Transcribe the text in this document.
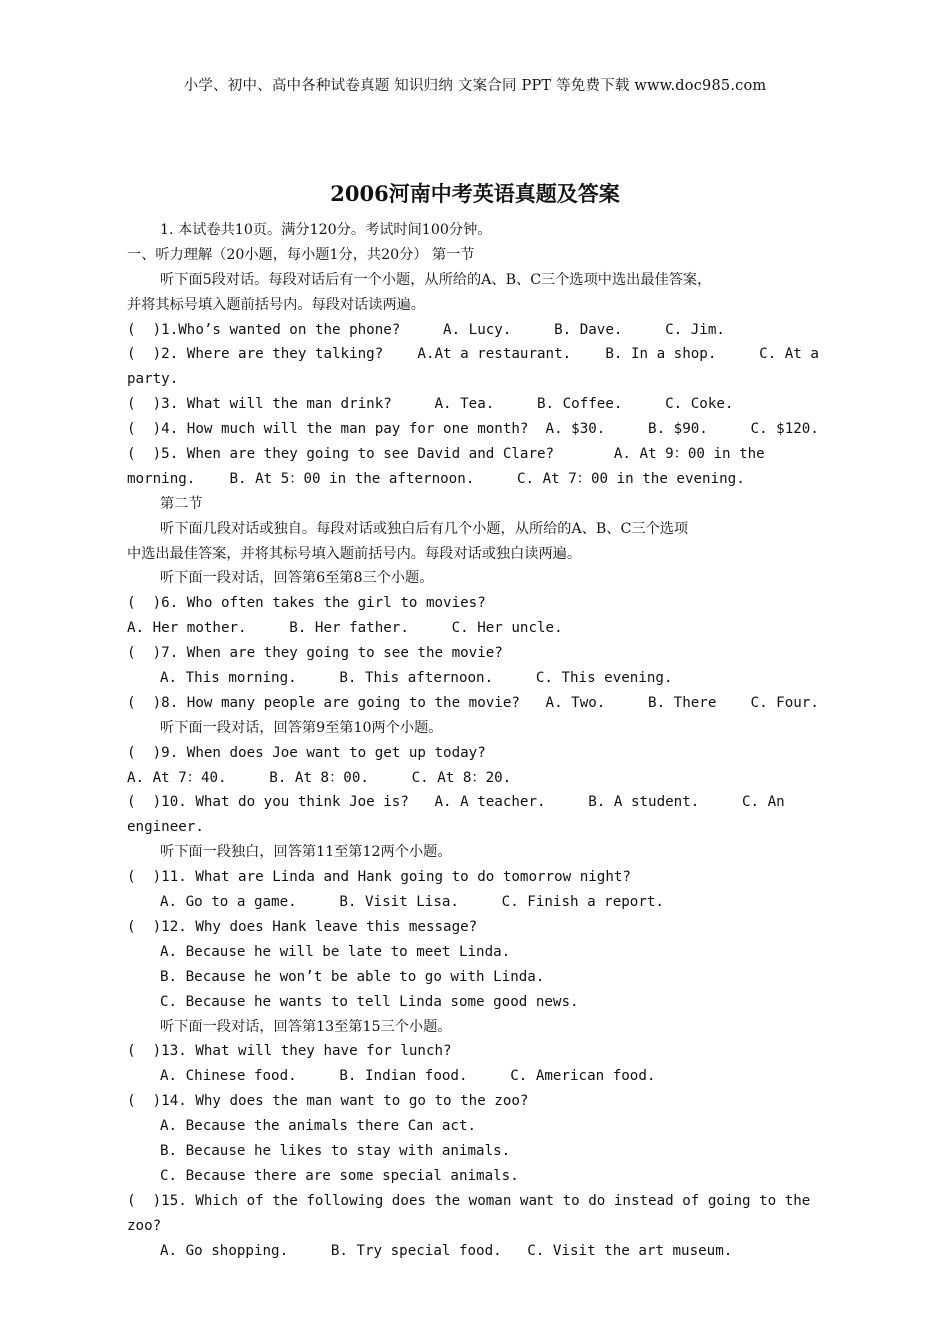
小学、初中、高中各种试卷真题 知识归纳 文案合同 PPT 等免费下载 www.doc985.com
2006河南中考英语真题及答案
1. 本试卷共10页。满分120分。考试时间100分钟。
一、听力理解（20小题，每小题1分，共20分） 第一节
听下面5段对话。每段对话后有一个小题，从所给的A、B、C三个选项中选出最佳答案，
并将其标号填入题前括号内。每段对话读两遍。
(  )1.Who’s wanted on the phone?     A. Lucy.     B. Dave.     C. Jim.
(  )2. Where are they talking?    A.At a restaurant.    B. In a shop.     C. At a
party.
(  )3. What will the man drink?     A. Tea.     B. Coffee.     C. Coke.
(  )4. How much will the man pay for one month?  A. $30.     B. $90.     C. $120.
(  )5. When are they going to see David and Clare?       A. At 9：00 in the
morning.    B. At 5：00 in the afternoon.     C. At 7：00 in the evening.
第二节
听下面几段对话或独自。每段对话或独白后有几个小题，从所给的A、B、C三个选项
中选出最佳答案，并将其标号填入题前括号内。每段对话或独白读两遍。
听下面一段对话，回答第6至第8三个小题。
(  )6. Who often takes the girl to movies?
A. Her mother.     B. Her father.     C. Her uncle.
(  )7. When are they going to see the movie?
A. This morning.     B. This afternoon.     C. This evening.
(  )8. How many people are going to the movie?   A. Two.     B. There    C. Four.
听下面一段对话，回答第9至第10两个小题。
(  )9. When does Joe want to get up today?
A. At 7：40.     B. At 8：00.     C. At 8：20.
(  )10. What do you think Joe is?   A. A teacher.     B. A student.     C. An
engineer.
听下面一段独白，回答第11至第12两个小题。
(  )11. What are Linda and Hank going to do tomorrow night?
A. Go to a game.     B. Visit Lisa.     C. Finish a report.
(  )12. Why does Hank leave this message?
A. Because he will be late to meet Linda.
B. Because he won’t be able to go with Linda.
C. Because he wants to tell Linda some good news.
听下面一段对话，回答第13至第15三个小题。
(  )13. What will they have for lunch?
A. Chinese food.     B. Indian food.     C. American food.
(  )14. Why does the man want to go to the zoo?
A. Because the animals there Can act.
B. Because he likes to stay with animals.
C. Because there are some special animals.
(  )15. Which of the following does the woman want to do instead of going to the
zoo?
A. Go shopping.     B. Try special food.   C. Visit the art museum.
